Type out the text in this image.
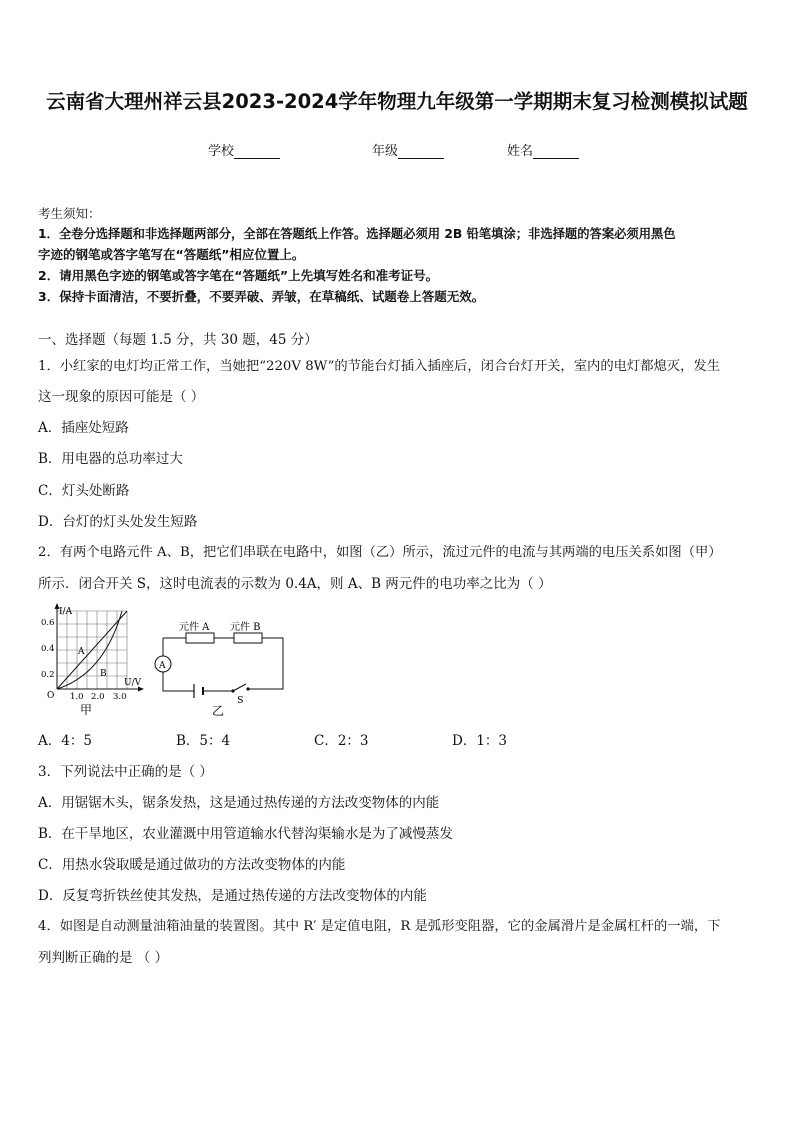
云南省大理州祥云县2023-2024学年物理九年级第一学期期末复习检测模拟试题
学校	年级	姓名
考生须知：
1．全卷分选择题和非选择题两部分，全部在答题纸上作答。选择题必须用 2B 铅笔填涂；非选择题的答案必须用黑色
字迹的钢笔或答字笔写在“答题纸”相应位置上。
2．请用黑色字迹的钢笔或答字笔在“答题纸”上先填写姓名和准考证号。
3．保持卡面清洁，不要折叠，不要弄破、弄皱，在草稿纸、试题卷上答题无效。
一、选择题（每题 1.5 分，共 30 题，45 分）
1．小红家的电灯均正常工作，当她把“220V 8W”的节能台灯插入插座后，闭合台灯开关，室内的电灯都熄灭，发生
这一现象的原因可能是（ ）
A．插座处短路
B．用电器的总功率过大
C．灯头处断路
D．台灯的灯头处发生短路
2．有两个电路元件 A、B，把它们串联在电路中，如图（乙）所示，流过元件的电流与其两端的电压关系如图（甲）
所示．闭合开关 S，这时电流表的示数为 0.4A，则 A、B 两元件的电功率之比为（ ）
I/A
U/V
0.6
0.4
0.2
O 1.0 2.0 3.0
A
B
甲
元件 A 元件 B
A
S
乙
A．4：5	B．5：4	C．2：3	D．1：3
3．下列说法中正确的是（ ）
A．用锯锯木头，锯条发热，这是通过热传递的方法改变物体的内能
B．在干旱地区，农业灌溉中用管道输水代替沟渠输水是为了减慢蒸发
C．用热水袋取暖是通过做功的方法改变物体的内能
D．反复弯折铁丝使其发热，是通过热传递的方法改变物体的内能
4．如图是自动测量油箱油量的装置图。其中 R′ 是定值电阻，R 是弧形变阻器，它的金属滑片是金属杠杆的一端，下
列判断正确的是 （ ）
